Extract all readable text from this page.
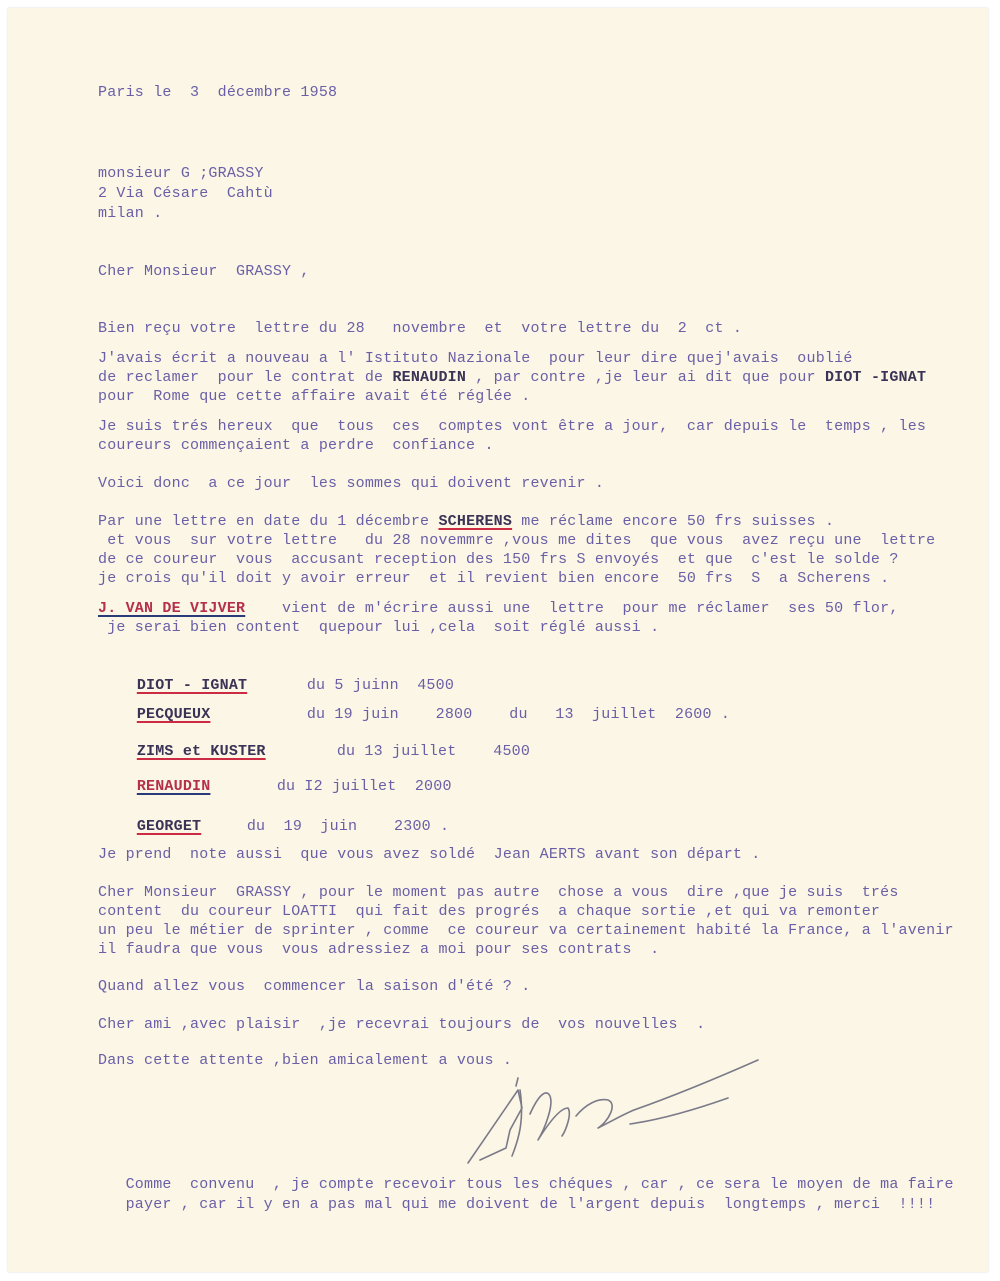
Paris le  3  décembre 1958
monsieur G ;GRASSY
2 Via Césare  Cahtù
milan .
Cher Monsieur  GRASSY ,
Bien reçu votre  lettre du 28   novembre  et  votre lettre du  2  ct .
J'avais écrit a nouveau a l' Istituto Nazionale  pour leur dire quej'avais  oublié
de reclamer  pour le contrat de RENAUDIN , par contre ,je leur ai dit que pour DIOT -IGNAT
pour  Rome que cette affaire avait été réglée .
Je suis trés hereux  que  tous  ces  comptes vont être a jour,  car depuis le  temps , les
coureurs commençaient a perdre  confiance .
Voici donc  a ce jour  les sommes qui doivent revenir .
Par une lettre en date du 1 décembre SCHERENS me réclame encore 50 frs suisses .
et vous  sur votre lettre   du 28 novemmre ,vous me dites  que vous  avez reçu une  lettre
de ce coureur  vous  accusant reception des 150 frs S envoyés  et que  c'est le solde ?
je crois qu'il doit y avoir erreur  et il revient bien encore  50 frs  S  a Scherens .
J. VAN DE VIJVER    vient de m'écrire aussi une  lettre  pour me réclamer  ses 50 flor,
je serai bien content  quepour lui ,cela  soit réglé aussi .

DIOT - IGNAT	du 5 juinn  4500

PECQUEUX	du 19 juin    2800    du   13  juillet  2600 .

ZIMS et KUSTER	du 13 juillet    4500

RENAUDIN	du I2 juillet  2000

GEORGET	du  19  juin    2300 .

Je prend  note aussi  que vous avez soldé  Jean AERTS avant son départ .
Cher Monsieur  GRASSY , pour le moment pas autre  chose a vous  dire ,que je suis  trés
content  du coureur LOATTI  qui fait des progrés  a chaque sortie ,et qui va remonter
un peu le métier de sprinter , comme  ce coureur va certainement habité la France, a l'avenir
il faudra que vous  vous adressiez a moi pour ses contrats  .
Quand allez vous  commencer la saison d'été ? .
Cher ami ,avec plaisir  ,je recevrai toujours de  vos nouvelles  .
Dans cette attente ,bien amicalement a vous .
Comme  convenu  , je compte recevoir tous les chéques , car , ce sera le moyen de ma faire
payer , car il y en a pas mal qui me doivent de l'argent depuis  longtemps , merci  !!!!
